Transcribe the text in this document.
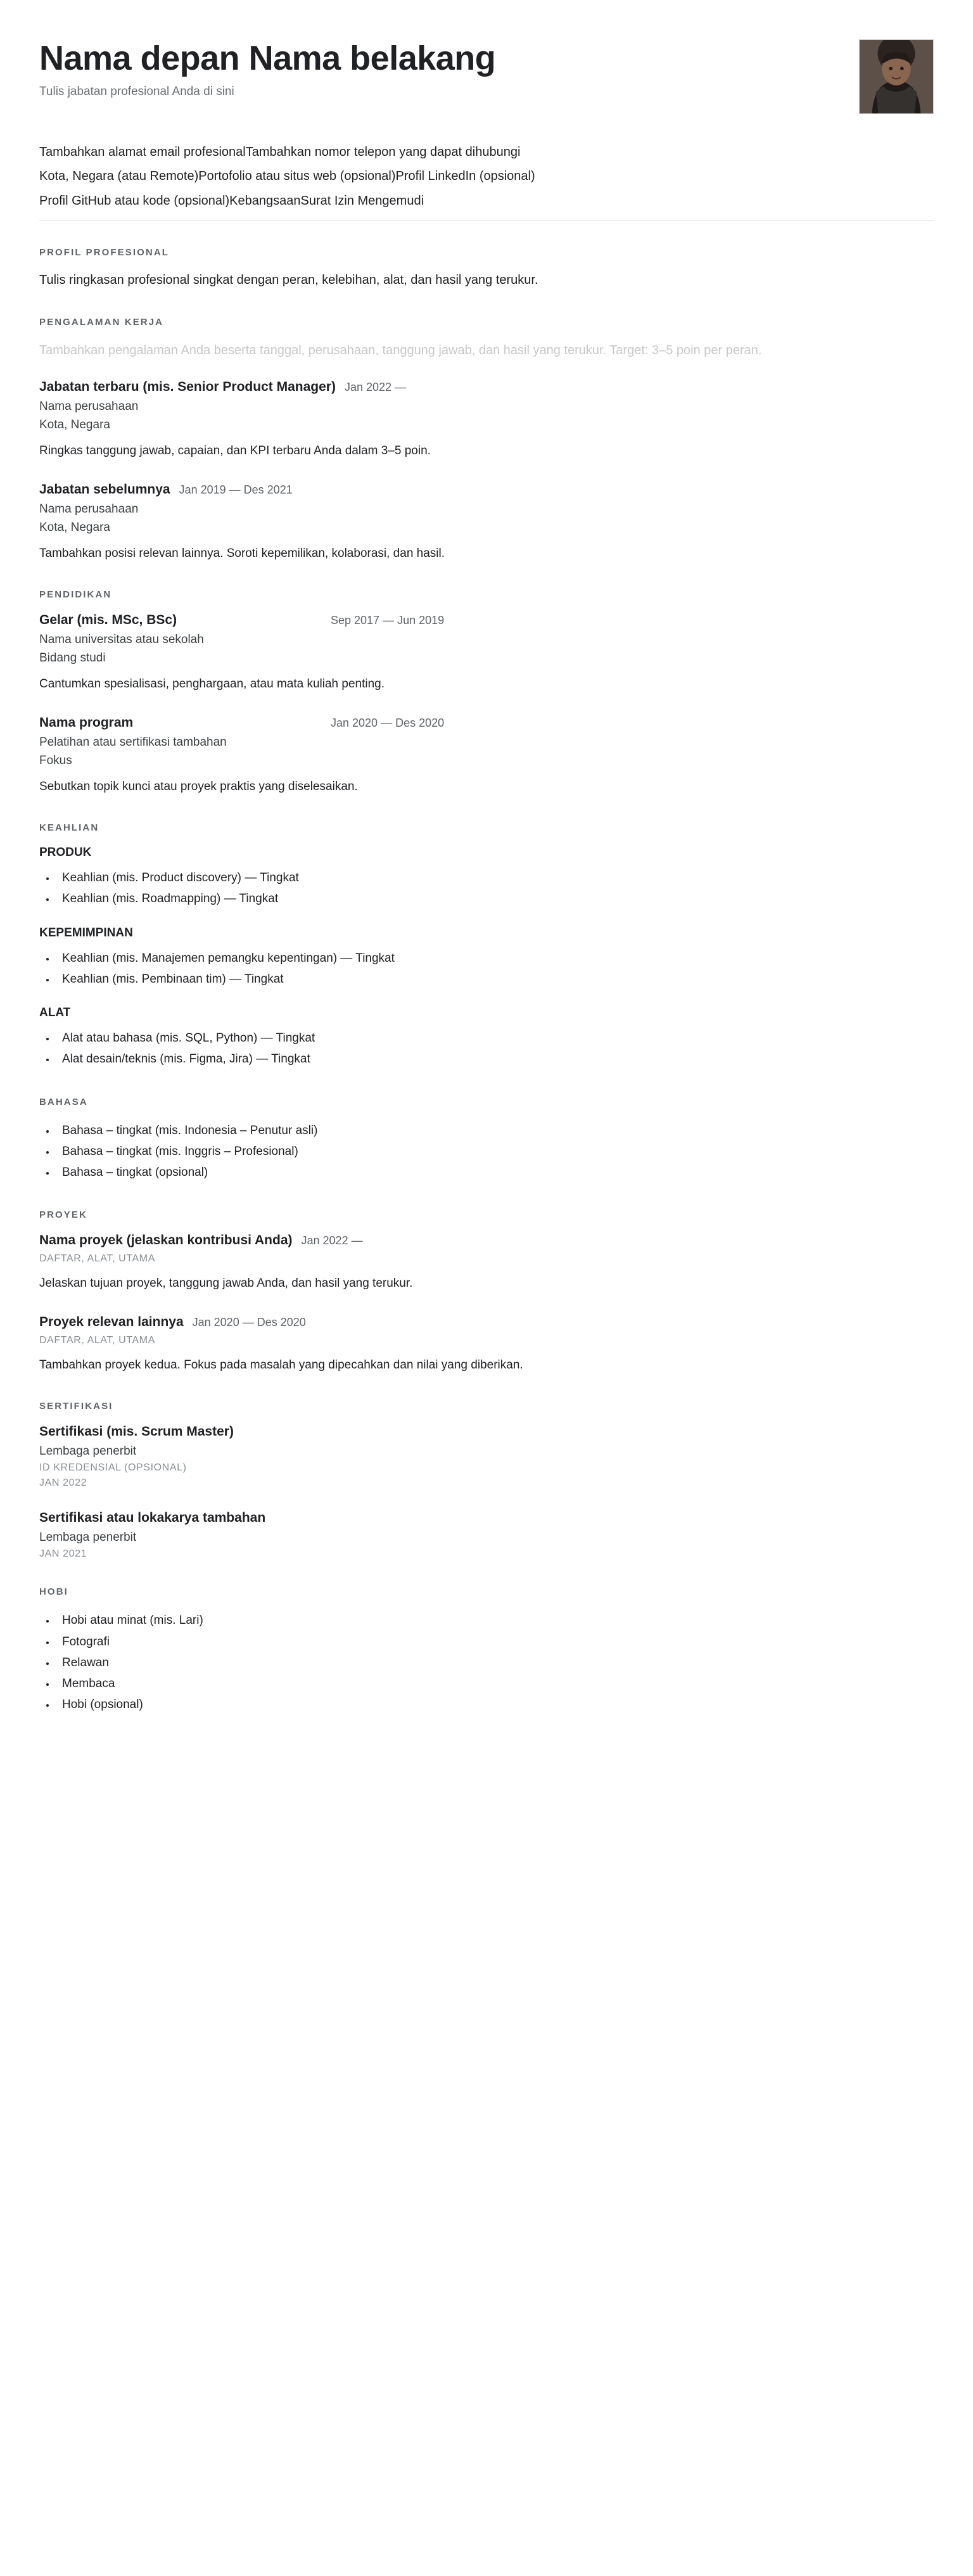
Nama depan Nama belakang

Tulis jabatan profesional Anda di sini

Tambahkan alamat email profesionalTambahkan nomor telepon yang dapat dihubungi

Kota, Negara (atau Remote)Portofolio atau situs web (opsional)Profil LinkedIn (opsional)

Profil GitHub atau kode (opsional)KebangsaanSurat Izin Mengemudi

PROFIL PROFESIONAL

Tulis ringkasan profesional singkat dengan peran, kelebihan, alat, dan hasil yang terukur.

PENGALAMAN KERJA

Tambahkan pengalaman Anda beserta tanggal, perusahaan, tanggung jawab, dan hasil yang terukur. Target: 3–5 poin per peran.

Jabatan terbaru (mis. Senior Product Manager) Jan 2022 —
Nama perusahaan
Kota, Negara
Ringkas tanggung jawab, capaian, dan KPI terbaru Anda dalam 3–5 poin.
Jabatan sebelumnya Jan 2019 — Des 2021
Nama perusahaan
Kota, Negara
Tambahkan posisi relevan lainnya. Soroti kepemilikan, kolaborasi, dan hasil.
PENDIDIKAN
Gelar (mis. MSc, BSc)	Sep 2017 — Jun 2019
Nama universitas atau sekolah
Bidang studi
Cantumkan spesialisasi, penghargaan, atau mata kuliah penting.
Nama program	Jan 2020 — Des 2020
Pelatihan atau sertifikasi tambahan
Fokus
Sebutkan topik kunci atau proyek praktis yang diselesaikan.
KEAHLIAN
PRODUK
• Keahlian (mis. Product discovery) — Tingkat
• Keahlian (mis. Roadmapping) — Tingkat
KEPEMIMPINAN
• Keahlian (mis. Manajemen pemangku kepentingan) — Tingkat
• Keahlian (mis. Pembinaan tim) — Tingkat
ALAT
• Alat atau bahasa (mis. SQL, Python) — Tingkat
• Alat desain/teknis (mis. Figma, Jira) — Tingkat
BAHASA
• Bahasa – tingkat (mis. Indonesia – Penutur asli)
• Bahasa – tingkat (mis. Inggris – Profesional)
• Bahasa – tingkat (opsional)
PROYEK
Nama proyek (jelaskan kontribusi Anda) Jan 2022 —
DAFTAR, ALAT, UTAMA
Jelaskan tujuan proyek, tanggung jawab Anda, dan hasil yang terukur.
Proyek relevan lainnya Jan 2020 — Des 2020
DAFTAR, ALAT, UTAMA
Tambahkan proyek kedua. Fokus pada masalah yang dipecahkan dan nilai yang diberikan.
SERTIFIKASI
Sertifikasi (mis. Scrum Master)
Lembaga penerbit
ID KREDENSIAL (OPSIONAL)
JAN 2022
Sertifikasi atau lokakarya tambahan
Lembaga penerbit
JAN 2021
HOBI
• Hobi atau minat (mis. Lari)
• Fotografi
• Relawan
• Membaca
• Hobi (opsional)
